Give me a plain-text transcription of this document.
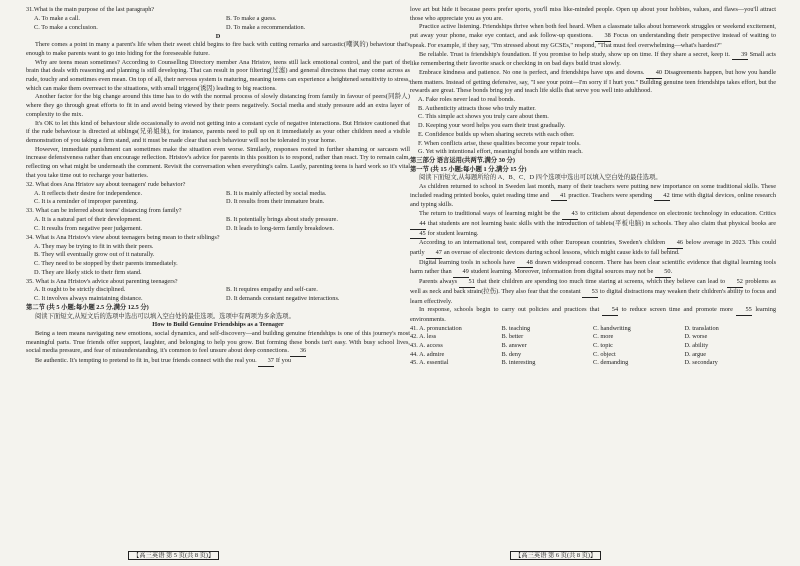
31.What is the main purpose of the last paragraph?
A. To make a call.	B. To make a guess.
C. To make a conclusion.	D. To make a recommendation.
D
There comes a point in many a parent's life when their sweet child begins to fire back with cutting remarks and sarcastic(嘲讽的) behaviour that's enough to make parents want to go into hiding for the foreseeable future.
Why are teens mean sometimes? According to Counselling Directory member Ana Hristov, teens still lack emotional control, and the part of the brain that deals with reasoning and planning is still developing. That can result in poor filtering(过滤) and general directness that may come across as rude, touchy and sometimes even mean. On top of all, their nervous system is maturing, meaning teens can experience a heightened sensitivity to stress, which can make them overreact to the situations, with small triggers(诱因) leading to big reactions.
Another factor for the big change around this time has to do with the normal process of slowly distancing from family in favour of peers(同龄人) where they go through great efforts to fit in and avoid being viewed by their peers negatively. Social media and study pressure add an extra layer of complexity to the mix.
It's OK to let this kind of behaviour slide occasionally to avoid not getting into a constant cycle of negative interactions. But Hristov cautioned that if the rude behaviour is directed at siblings(兄弟姐妹), for instance, parents need to pull up on it immediately as your other children need a visible demonstration of you taking a firm stand, and it must be made clear that such behaviour will not be tolerated in your home.
However, immediate punishment can sometimes make the situation even worse. Similarly, responses rooted in further shaming or sarcasm will increase defensiveness rather than encourage reflection. Hristov's advice for parents in this position is to respond, rather than react. Try to remain calm, reflecting on what might be underneath the comment. Revisit the conversation when everything's calm. Lastly, parenting teens is hard work so it's vital that you take time out to recharge your batteries.
32. What does Ana Hristov say about teenagers' rude behavior?
A. It reflects their desire for independence.	B. It is mainly affected by social media.
C. It is a reminder of improper parenting.	D. It results from their immature brain.
33. What can be inferred about teens' distancing from family?
A. It is a natural part of their development.	B. It potentially brings about study pressure.
C. It results from negative peer judgement.	D. It leads to long-term family breakdown.
34. What is Ana Hristov's view about teenagers being mean to their siblings?
A. They may be trying to fit in with their peers.
B. They will eventually grow out of it naturally.
C. They need to be stopped by their parents immediately.
D. They are likely stick to their firm stand.
35. What is Ana Hristov's advice about parenting teenagers?
A. It ought to be strictly disciplined.	B. It requires empathy and self-care.
C. It involves always maintaining distance.	D. It demands constant negative interactions.
第二节 (共 5 小题;每小题 2.5 分,满分 12.5 分)
阅读下面短文,从短文后的选项中选出可以填入空白处的最佳选项。选项中有两项为多余选项。
How to Build Genuine Friendships as a Teenager
Being a teen means navigating new emotions, social dynamics, and self-discovery—and building genuine friendships is one of this journey's most meaningful parts. True friends offer support, laughter, and belonging to help you grow. But forming these bonds isn't easy. With busy school lives, social media pressure, and fear of misunderstanding, it's common to feel unsure about deep connections. 36
Be authentic. It's tempting to pretend to fit in, but true friends connect with the real you. 37 If you
love art but hide it because peers prefer sports, you'll miss like-minded people. Open up about your hobbies, values, and flaws—you'll attract those who appreciate you as you are.
Practice active listening. Friendships thrive when both feel heard. When a classmate talks about homework struggles or weekend excitement, put away your phone, make eye contact, and ask follow-up questions. 38 Focus on understanding their perspective instead of waiting to speak. For example, if they say, "I'm stressed about my GCSEs," respond, "That must feel overwhelming—what's hardest?"
Be reliable. Trust is friendship's foundation. If you promise to help study, show up on time. If they share a secret, keep it. 39 Small acts like remembering their favorite snack or checking in on bad days build trust slowly.
Embrace kindness and patience. No one is perfect, and friendships have ups and downs. 40 Disagreements happen, but how you handle them matters. Instead of getting defensive, say, "I see your point—I'm sorry if I hurt you." Building genuine teen friendships takes effort, but the rewards are great. These bonds bring joy and teach life skills that serve you well into adulthood.
A. Fake roles never lead to real bonds.
B. Authenticity attracts those who truly matter.
C. This simple act shows you truly care about them.
D. Keeping your word helps you earn their trust gradually.
E. Confidence builds up when sharing secrets with each other.
F. When conflicts arise, these qualities become your repair tools.
G. Yet with intentional effort, meaningful bonds are within reach.
第三部分 语言运用(共两节,满分 30 分)
第一节 (共 15 小题;每小题 1 分,满分 15 分)
阅读下面短文,从每题所给的 A、B、C、D 四个选项中选出可以填入空白处的最佳选项。
As children returned to school in Sweden last month, many of their teachers were putting new importance on some traditional skills. These included reading printed books, quiet reading time and 41 practice. Teachers were spending 42 time with digital devices, online research and typing skills.
The return to traditional ways of learning might be the 43 to criticism about dependence on electronic technology in education. Critics 44 that students are not learning basic skills with the introduction of tablets(平板电脑) in schools. They also claim that physical books are 45 for student learning.
According to an international test, compared with other European countries, Sweden's children 46 below average in 2023. This could partly 47 an overuse of electronic devices during school lessons, which might cause kids to fall behind.
Digital learning tools in schools have 48 drawn widespread concern. There has been clear scientific evidence that digital learning tools harm rather than 49 student learning. Moreover, information from digital sources may not be 50.
Parents always 51 that their children are spending too much time staring at screens, which they believe can lead to 52 problems as well as neck and back strain(拉伤). They also fear that the constant 53 to digital distractions may weaken their children's ability to focus and learn effectively.
In response, schools begin to carry out policies and practices that 54 to reduce screen time and promote more 55 learning environments.
41. A. pronunciation	B. teaching	C. handwriting	D. translation
42. A. less	B. better	C. more	D. worse
43. A. access	B. answer	C. topic	D. ability
44. A. admire	B. deny	C. object	D. argue
45. A. essential	B. interesting	C. demanding	D. secondary
【高三英语 第 5 页(共 8 页)】	【高三英语 第 6 页(共 8 页)】
